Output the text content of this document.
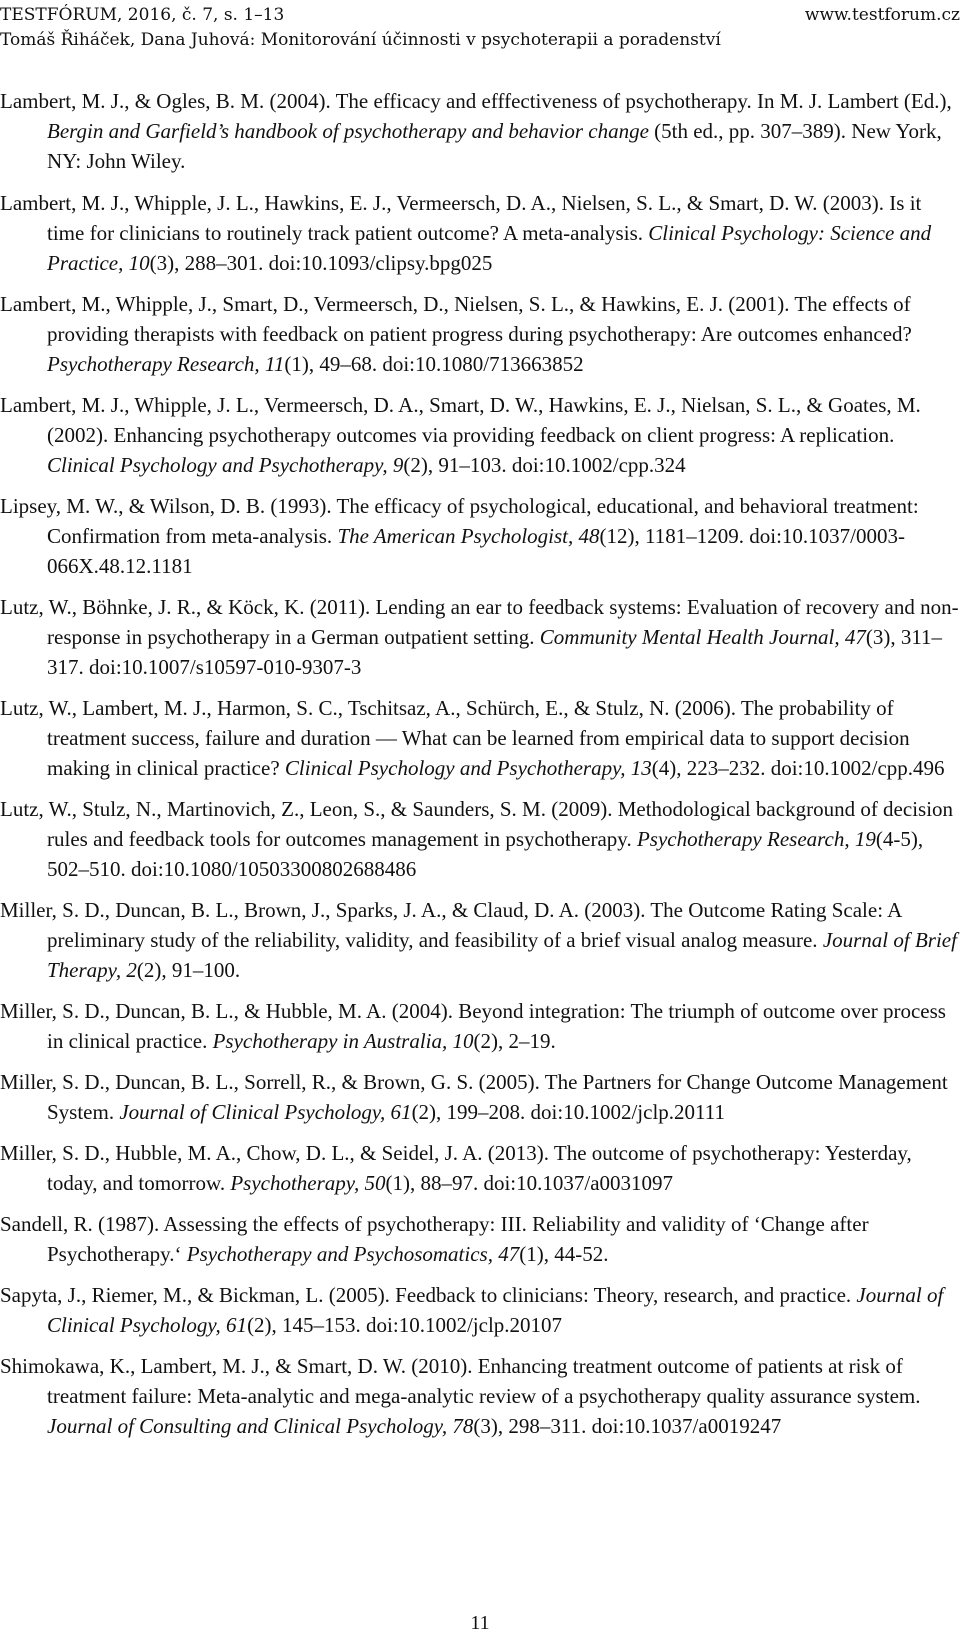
TESTFÓRUM, 2016, č. 7, s. 1–13	www.testforum.cz
Tomáš Řiháček, Dana Juhová: Monitorování účinnosti v psychoterapii a poradenství

Lambert, M. J., & Ogles, B. M. (2004). The efficacy and efffectiveness of psychotherapy. In M. J. Lambert (Ed.), Bergin and Garfield’s handbook of psychotherapy and behavior change (5th ed., pp. 307–389). New York, NY: John Wiley.

Lambert, M. J., Whipple, J. L., Hawkins, E. J., Vermeersch, D. A., Nielsen, S. L., & Smart, D. W. (2003). Is it time for clinicians to routinely track patient outcome? A meta-analysis. Clinical Psychology: Science and Practice, 10(3), 288–301. doi:10.1093/clipsy.bpg025

Lambert, M., Whipple, J., Smart, D., Vermeersch, D., Nielsen, S. L., & Hawkins, E. J. (2001). The effects of providing therapists with feedback on patient progress during psychotherapy: Are outcomes enhanced? Psychotherapy Research, 11(1), 49–68. doi:10.1080/713663852

Lambert, M. J., Whipple, J. L., Vermeersch, D. A., Smart, D. W., Hawkins, E. J., Nielsan, S. L., & Goates, M. (2002). Enhancing psychotherapy outcomes via providing feedback on client progress: A replication. Clinical Psychology and Psychotherapy, 9(2), 91–103. doi:10.1002/cpp.324

Lipsey, M. W., & Wilson, D. B. (1993). The efficacy of psychological, educational, and behavioral treatment: Confirmation from meta-analysis. The American Psychologist, 48(12), 1181–1209. doi:10.1037/0003-066X.48.12.1181

Lutz, W., Böhnke, J. R., & Köck, K. (2011). Lending an ear to feedback systems: Evaluation of recovery and non-response in psychotherapy in a German outpatient setting. Community Mental Health Journal, 47(3), 311–317. doi:10.1007/s10597-010-9307-3

Lutz, W., Lambert, M. J., Harmon, S. C., Tschitsaz, A., Schürch, E., & Stulz, N. (2006). The probability of treatment success, failure and duration — What can be learned from empirical data to support decision making in clinical practice? Clinical Psychology and Psychotherapy, 13(4), 223–232. doi:10.1002/cpp.496

Lutz, W., Stulz, N., Martinovich, Z., Leon, S., & Saunders, S. M. (2009). Methodological background of decision rules and feedback tools for outcomes management in psychotherapy. Psychotherapy Research, 19(4-5), 502–510. doi:10.1080/10503300802688486

Miller, S. D., Duncan, B. L., Brown, J., Sparks, J. A., & Claud, D. A. (2003). The Outcome Rating Scale: A preliminary study of the reliability, validity, and feasibility of a brief visual analog measure. Journal of Brief Therapy, 2(2), 91–100.

Miller, S. D., Duncan, B. L., & Hubble, M. A. (2004). Beyond integration: The triumph of outcome over process in clinical practice. Psychotherapy in Australia, 10(2), 2–19.

Miller, S. D., Duncan, B. L., Sorrell, R., & Brown, G. S. (2005). The Partners for Change Outcome Management System. Journal of Clinical Psychology, 61(2), 199–208. doi:10.1002/jclp.20111

Miller, S. D., Hubble, M. A., Chow, D. L., & Seidel, J. A. (2013). The outcome of psychotherapy: Yesterday, today, and tomorrow. Psychotherapy, 50(1), 88–97. doi:10.1037/a0031097

Sandell, R. (1987). Assessing the effects of psychotherapy: III. Reliability and validity of ‘Change after Psychotherapy.‘ Psychotherapy and Psychosomatics, 47(1), 44-52.

Sapyta, J., Riemer, M., & Bickman, L. (2005). Feedback to clinicians: Theory, research, and practice. Journal of Clinical Psychology, 61(2), 145–153. doi:10.1002/jclp.20107

Shimokawa, K., Lambert, M. J., & Smart, D. W. (2010). Enhancing treatment outcome of patients at risk of treatment failure: Meta-analytic and mega-analytic review of a psychotherapy quality assurance system. Journal of Consulting and Clinical Psychology, 78(3), 298–311. doi:10.1037/a0019247

11
